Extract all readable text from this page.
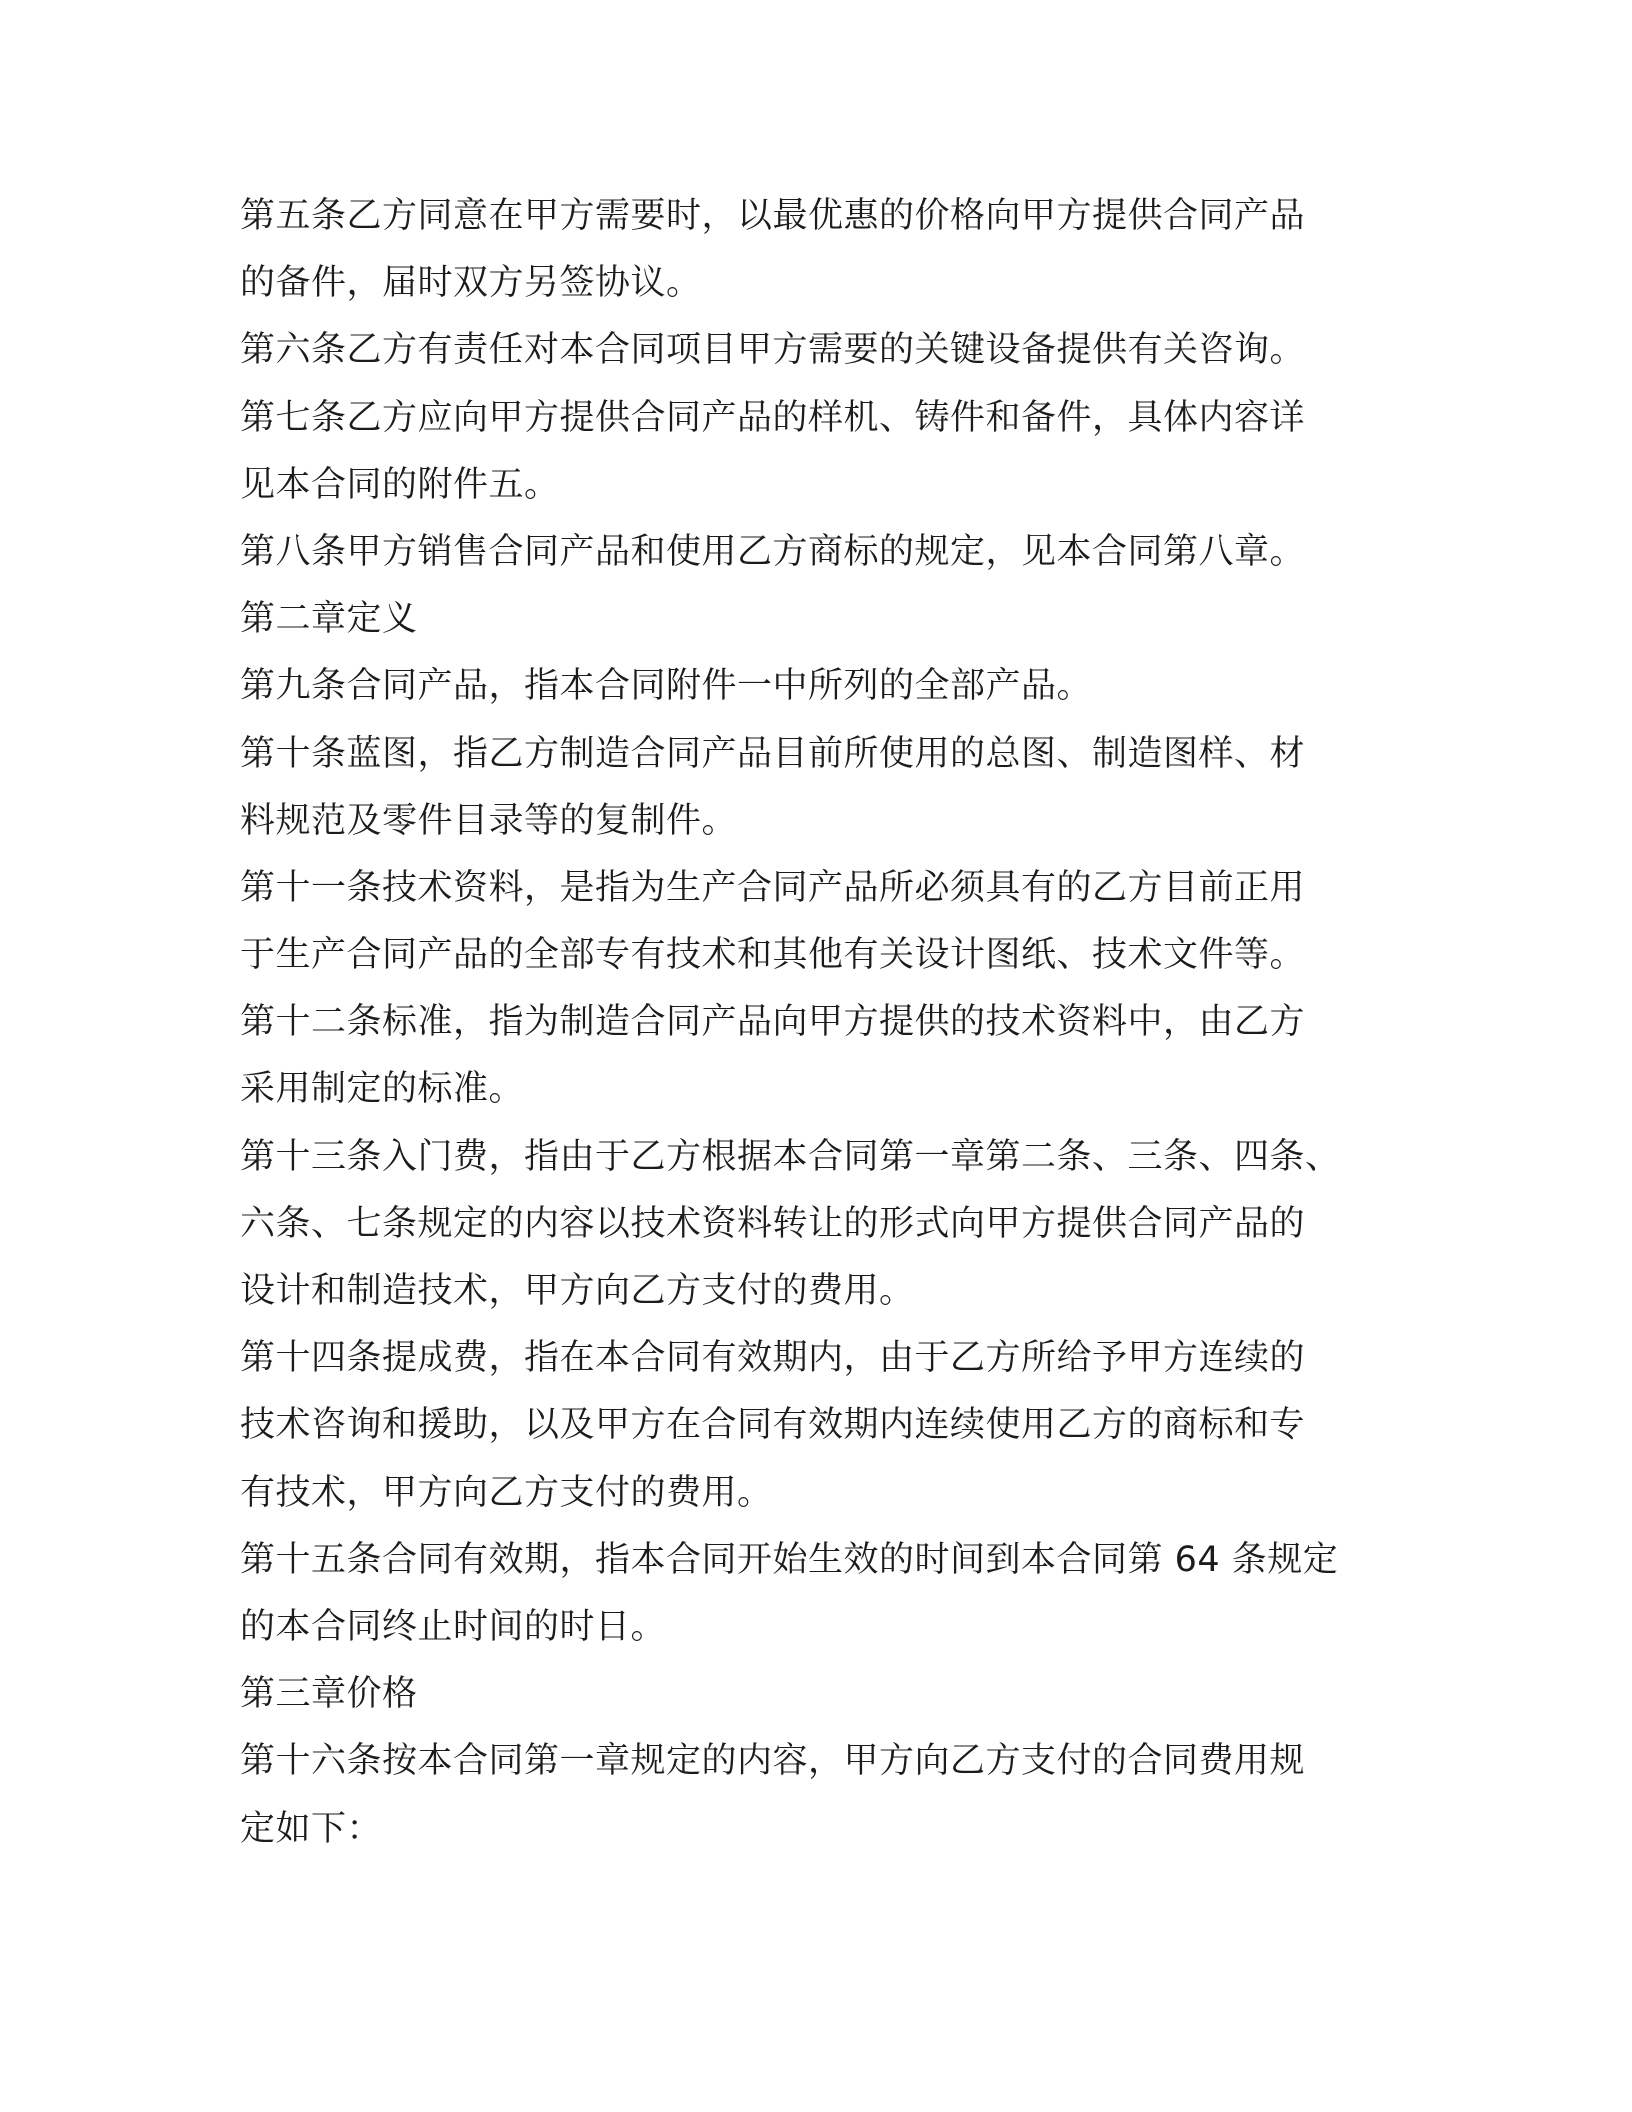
第五条乙方同意在甲方需要时，以最优惠的价格向甲方提供合同产品
的备件，届时双方另签协议。
第六条乙方有责任对本合同项目甲方需要的关键设备提供有关咨询。
第七条乙方应向甲方提供合同产品的样机、铸件和备件，具体内容详
见本合同的附件五。
第八条甲方销售合同产品和使用乙方商标的规定，见本合同第八章。
第二章定义
第九条合同产品，指本合同附件一中所列的全部产品。
第十条蓝图，指乙方制造合同产品目前所使用的总图、制造图样、材
料规范及零件目录等的复制件。
第十一条技术资料，是指为生产合同产品所必须具有的乙方目前正用
于生产合同产品的全部专有技术和其他有关设计图纸、技术文件等。
第十二条标准，指为制造合同产品向甲方提供的技术资料中，由乙方
采用制定的标准。
第十三条入门费，指由于乙方根据本合同第一章第二条、三条、四条、
六条、七条规定的内容以技术资料转让的形式向甲方提供合同产品的
设计和制造技术，甲方向乙方支付的费用。
第十四条提成费，指在本合同有效期内，由于乙方所给予甲方连续的
技术咨询和援助，以及甲方在合同有效期内连续使用乙方的商标和专
有技术，甲方向乙方支付的费用。
第十五条合同有效期，指本合同开始生效的时间到本合同第 64 条规定
的本合同终止时间的时日。
第三章价格
第十六条按本合同第一章规定的内容，甲方向乙方支付的合同费用规
定如下：
